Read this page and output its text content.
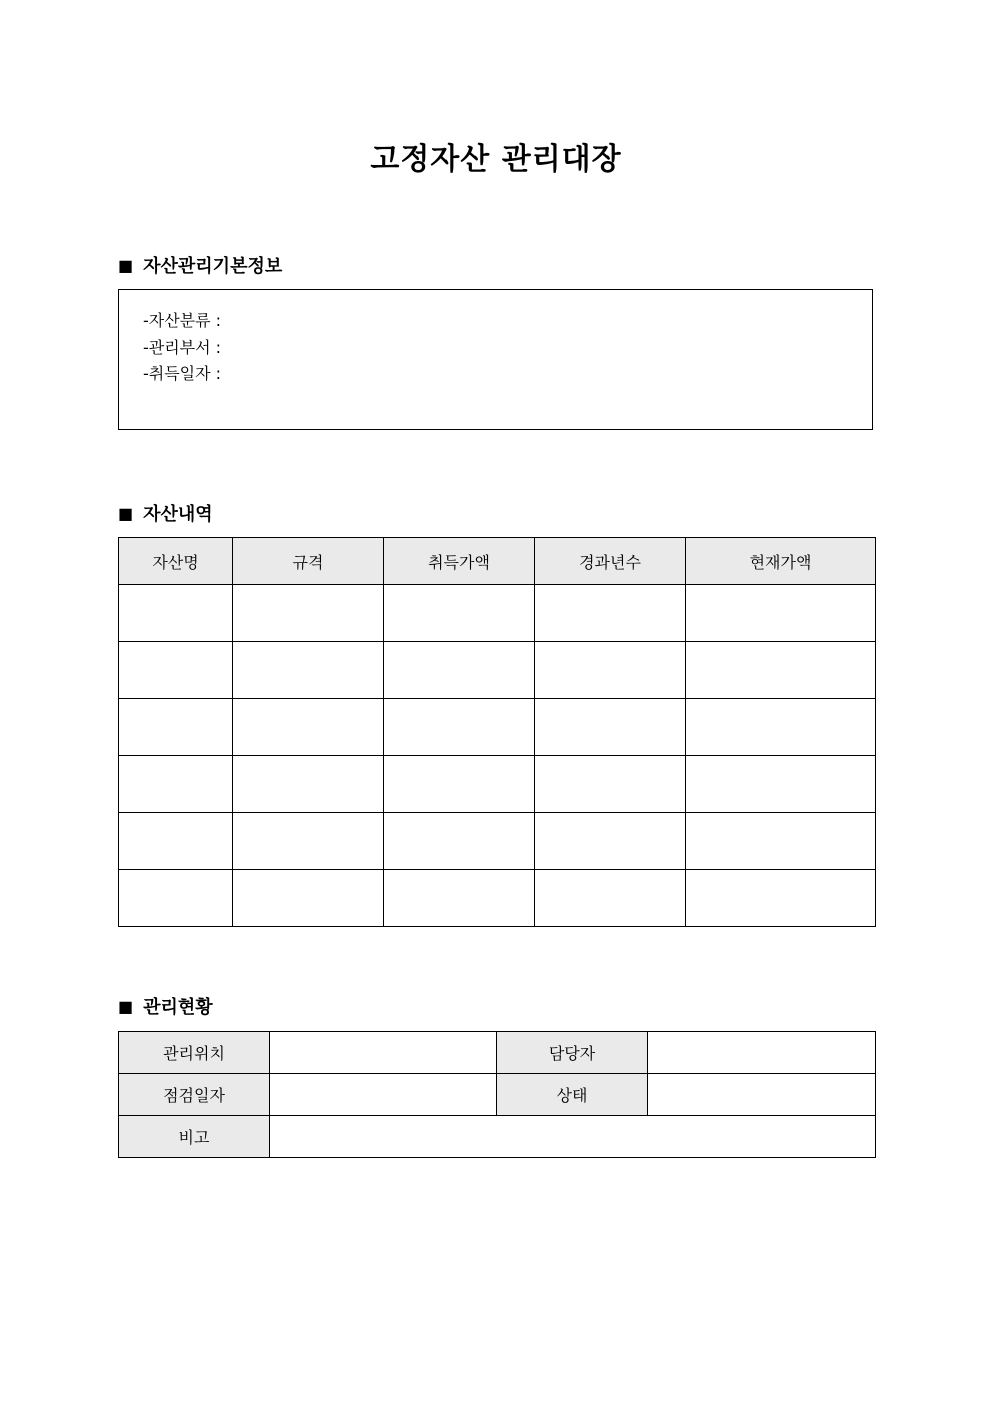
고정자산 관리대장
■ 자산관리기본정보
-자산분류 :
-관리부서 :
-취득일자 :
■ 자산내역
자산명	규격	취득가액	경과년수	현재가액

■ 관리현황
관리위치		담당자	
점검일자		상태	
비고			
